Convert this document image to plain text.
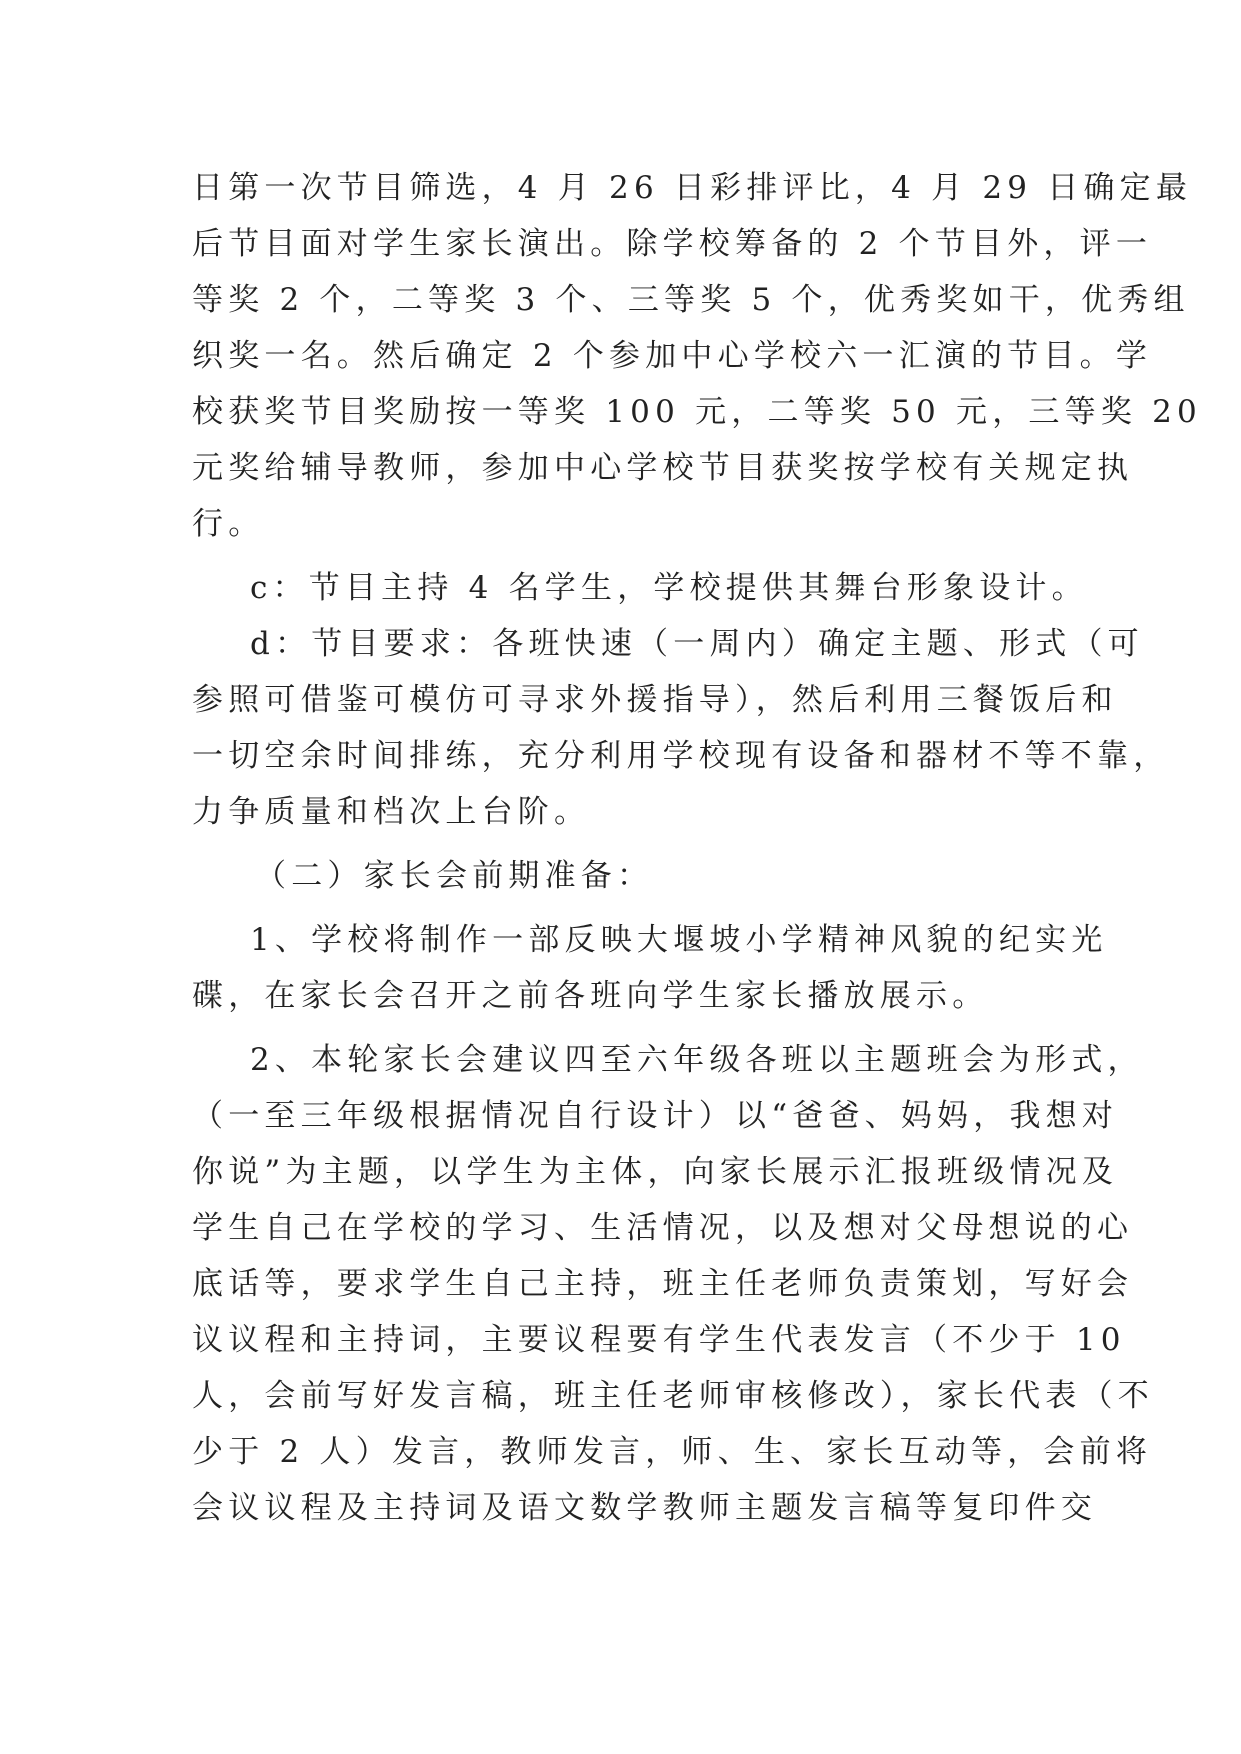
日第一次节目筛选，4 月 26 日彩排评比，4 月 29 日确定最
后节目面对学生家长演出。除学校筹备的 2 个节目外，评一
等奖 2 个，二等奖 3 个、三等奖 5 个，优秀奖如干，优秀组
织奖一名。然后确定 2 个参加中心学校六一汇演的节目。学
校获奖节目奖励按一等奖 100 元，二等奖 50 元，三等奖 20
元奖给辅导教师，参加中心学校节目获奖按学校有关规定执
行。
c：节目主持 4 名学生，学校提供其舞台形象设计。
d：节目要求：各班快速（一周内）确定主题、形式（可
参照可借鉴可模仿可寻求外援指导），然后利用三餐饭后和
一切空余时间排练，充分利用学校现有设备和器材不等不靠，
力争质量和档次上台阶。
（二）家长会前期准备：
1、学校将制作一部反映大堰坡小学精神风貌的纪实光
碟，在家长会召开之前各班向学生家长播放展示。
2、本轮家长会建议四至六年级各班以主题班会为形式，
（一至三年级根据情况自行设计）以“爸爸、妈妈，我想对
你说”为主题，以学生为主体，向家长展示汇报班级情况及
学生自己在学校的学习、生活情况，以及想对父母想说的心
底话等，要求学生自己主持，班主任老师负责策划，写好会
议议程和主持词，主要议程要有学生代表发言（不少于 10
人，会前写好发言稿，班主任老师审核修改），家长代表（不
少于 2 人）发言，教师发言，师、生、家长互动等，会前将
会议议程及主持词及语文数学教师主题发言稿等复印件交
